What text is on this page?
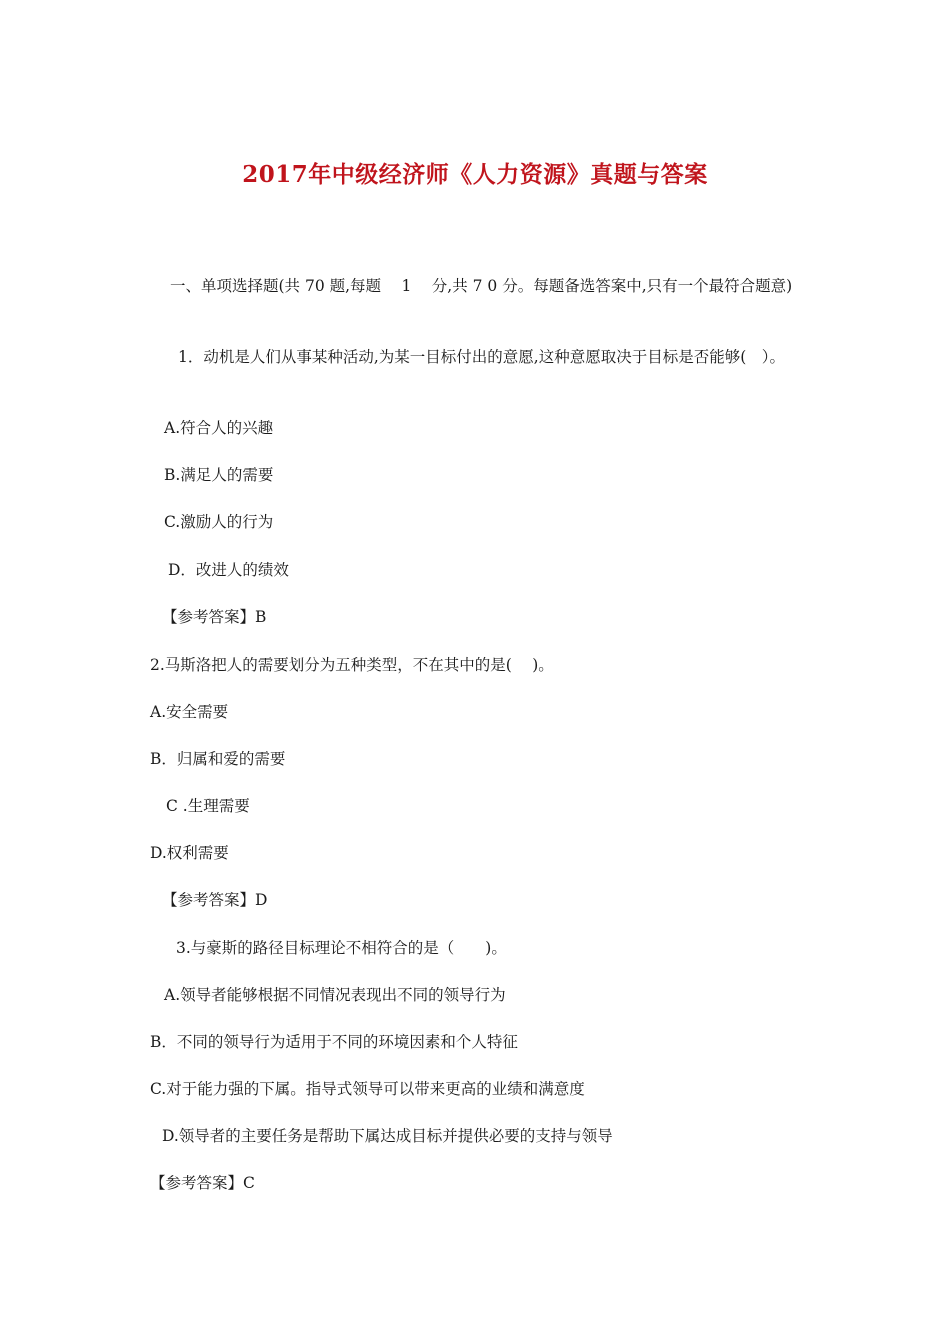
2017年中级经济师《人力资源》真题与答案
一、单项选择题(共 70 题,每题　 1　 分,共 7 0 分。每题备选答案中,只有一个最符合题意)
1．动机是人们从事某种活动,为某一目标付出的意愿,这种意愿取决于目标是否能够(　）。
A.符合人的兴趣
B.满足人的需要
C.激励人的行为
D．改进人的绩效
【参考答案】B
2.马斯洛把人的需要划分为五种类型，不在其中的是(　 )。
A.安全需要
B．归属和爱的需要
C .生理需要
D.权利需要
【参考答案】D
3.与豪斯的路径目标理论不相符合的是（　　)。
A.领导者能够根据不同情况表现出不同的领导行为
B．不同的领导行为适用于不同的环境因素和个人特征
C.对于能力强的下属。指导式领导可以带来更高的业绩和满意度
D.领导者的主要任务是帮助下属达成目标并提供必要的支持与领导
【参考答案】C
